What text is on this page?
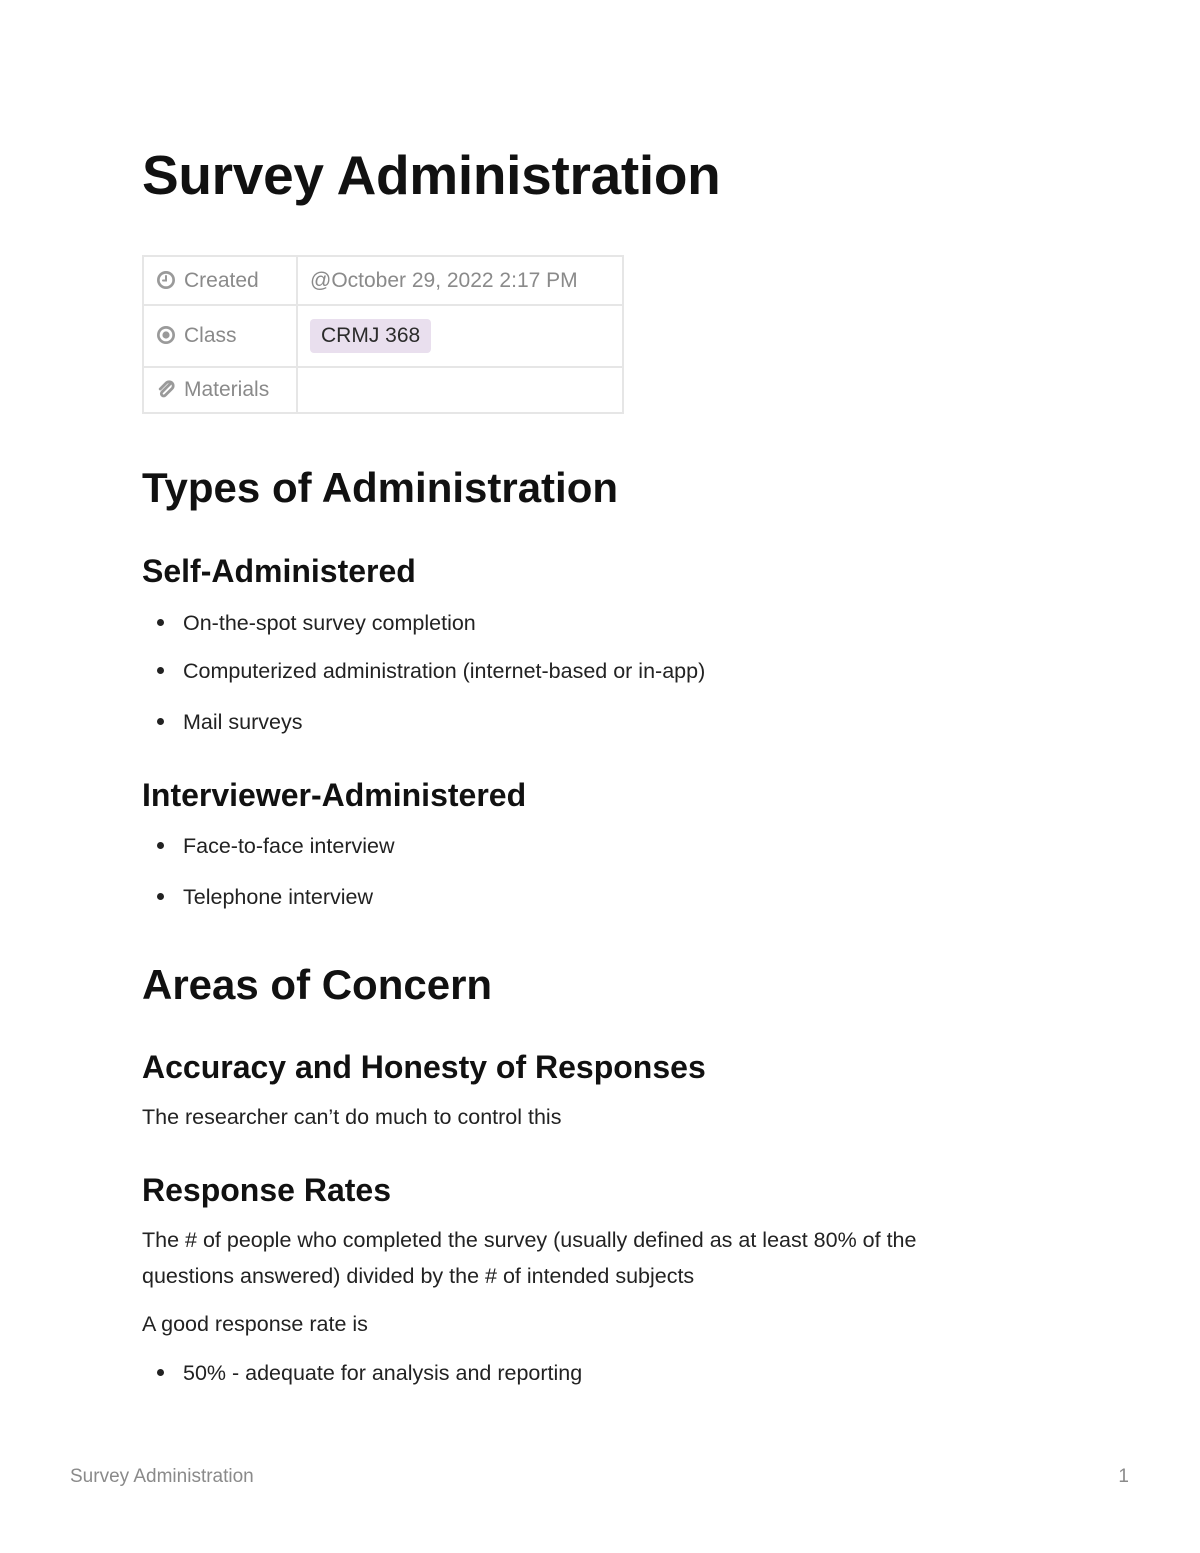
Survey Administration
Created	@October 29, 2022 2:17 PM
Class	CRMJ 368
Materials	
Types of Administration
Self-Administered
On-the-spot survey completion
Computerized administration (internet-based or in-app)
Mail surveys
Interviewer-Administered
Face-to-face interview
Telephone interview
Areas of Concern
Accuracy and Honesty of Responses

The researcher can’t do much to control this

Response Rates

The # of people who completed the survey (usually defined as at least 80% of the questions answered) divided by the # of intended subjects

A good response rate is

50% - adequate for analysis and reporting
Survey Administration	1
